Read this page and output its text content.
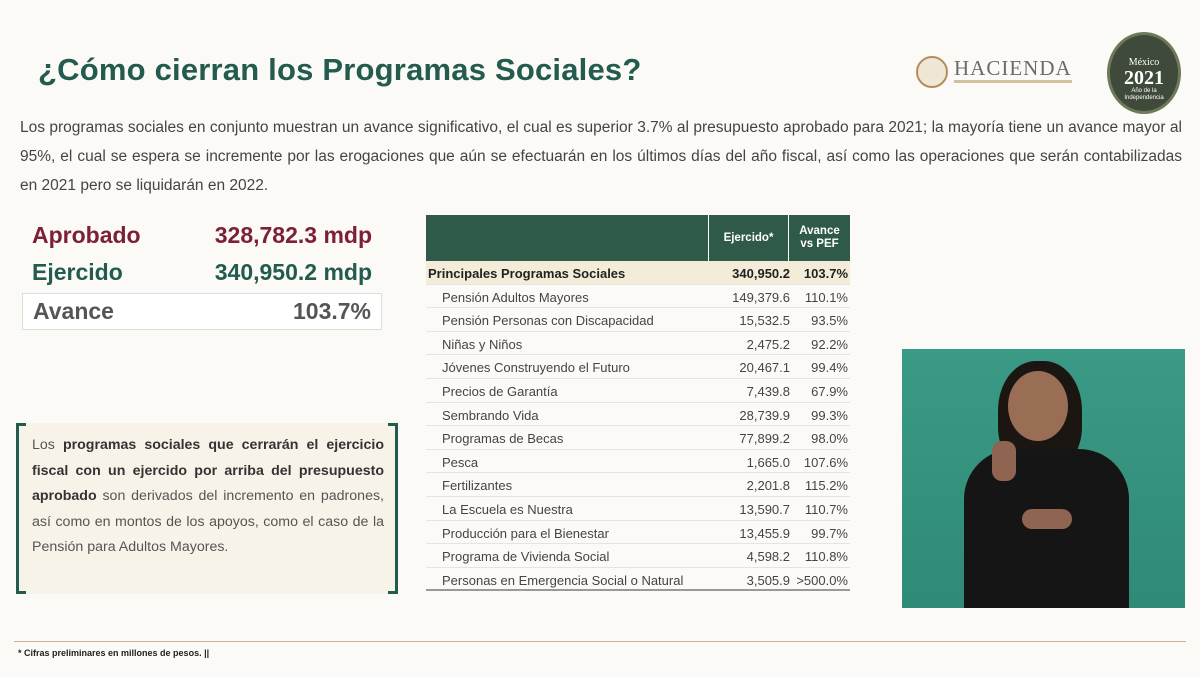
¿Cómo cierran los Programas Sociales?	HACIENDA	México
2021
Año de la Independencia
Los programas sociales en conjunto muestran un avance significativo, el cual es superior 3.7% al presupuesto aprobado para 2021; la mayoría tiene un avance mayor al 95%, el cual se espera se incremente por las erogaciones que aún se efectuarán en los últimos días del año fiscal, así como las operaciones que serán contabilizadas en 2021 pero se liquidarán en 2022.
Aprobado	328,782.3 mdp
Ejercido	340,950.2 mdp
Avance	103.7%
Los programas sociales que cerrarán el ejercicio fiscal con un ejercido por arriba del presupuesto aprobado son derivados del incremento en padrones, así como en montos de los apoyos, como el caso de la Pensión para Adultos Mayores.
Ejercido*
Avance
vs PEF
Principales Programas Sociales	340,950.2 103.7%
Pensión Adultos Mayores	149,379.6 110.1%
Pensión Personas con Discapacidad	15,532.5 93.5%
Niñas y Niños	2,475.2 92.2%
Jóvenes Construyendo el Futuro	20,467.1 99.4%
Precios de Garantía	7,439.8 67.9%
Sembrando Vida	28,739.9 99.3%
Programas de Becas	77,899.2 98.0%
Pesca	1,665.0 107.6%
Fertilizantes	2,201.8 115.2%
La Escuela es Nuestra	13,590.7 110.7%
Producción para el Bienestar	13,455.9 99.7%
Programa de Vivienda Social	4,598.2 110.8%
Personas en Emergencia Social o Natural	3,505.9 >500.0%
* Cifras preliminares en millones de pesos. ||
